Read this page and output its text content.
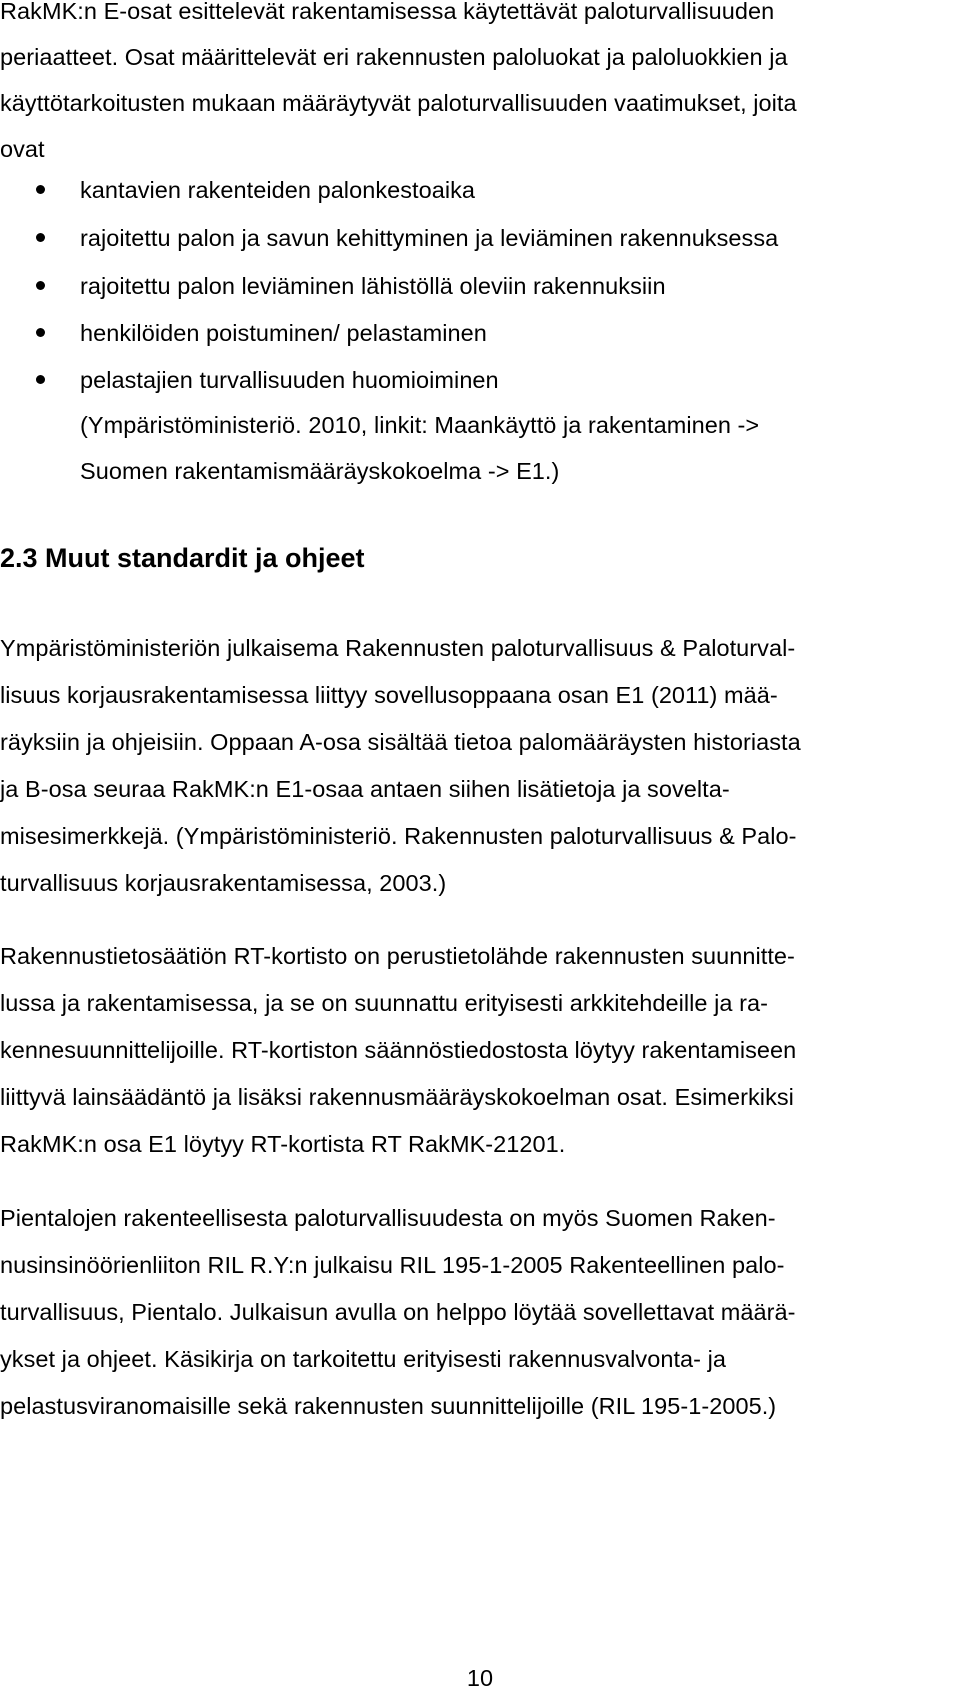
RakMK:n E-osat esittelevät rakentamisessa käytettävät paloturvallisuuden
periaatteet. Osat määrittelevät eri rakennusten paloluokat ja paloluokkien ja
käyttötarkoitusten mukaan määräytyvät paloturvallisuuden vaatimukset, joita
ovat
kantavien rakenteiden palonkestoaika
rajoitettu palon ja savun kehittyminen ja leviäminen rakennuksessa
rajoitettu palon leviäminen lähistöllä oleviin rakennuksiin
henkilöiden poistuminen/ pelastaminen
pelastajien turvallisuuden huomioiminen
(Ympäristöministeriö. 2010, linkit: Maankäyttö ja rakentaminen ->
Suomen rakentamismääräyskokoelma -> E1.)
2.3 Muut standardit ja ohjeet
Ympäristöministeriön julkaisema Rakennusten paloturvallisuus & Paloturval-
lisuus korjausrakentamisessa liittyy sovellusoppaana osan E1 (2011) mää-
räyksiin ja ohjeisiin. Oppaan A-osa sisältää tietoa palomääräysten historiasta
ja B-osa seuraa RakMK:n E1-osaa antaen siihen lisätietoja ja sovelta-
misesimerkkejä. (Ympäristöministeriö. Rakennusten paloturvallisuus & Palo-
turvallisuus korjausrakentamisessa, 2003.)
Rakennustietosäätiön RT-kortisto on perustietolähde rakennusten suunnitte-
lussa ja rakentamisessa, ja se on suunnattu erityisesti arkkitehdeille ja ra-
kennesuunnittelijoille. RT-kortiston säännöstiedostosta löytyy rakentamiseen
liittyvä lainsäädäntö ja lisäksi rakennusmääräyskokoelman osat. Esimerkiksi
RakMK:n osa E1 löytyy RT-kortista RT RakMK-21201.
Pientalojen rakenteellisesta paloturvallisuudesta on myös Suomen Raken-
nusinsinöörienliiton RIL R.Y:n julkaisu RIL 195-1-2005 Rakenteellinen palo-
turvallisuus, Pientalo. Julkaisun avulla on helppo löytää sovellettavat määrä-
ykset ja ohjeet. Käsikirja on tarkoitettu erityisesti rakennusvalvonta- ja
pelastusviranomaisille sekä rakennusten suunnittelijoille (RIL 195-1-2005.)
10
